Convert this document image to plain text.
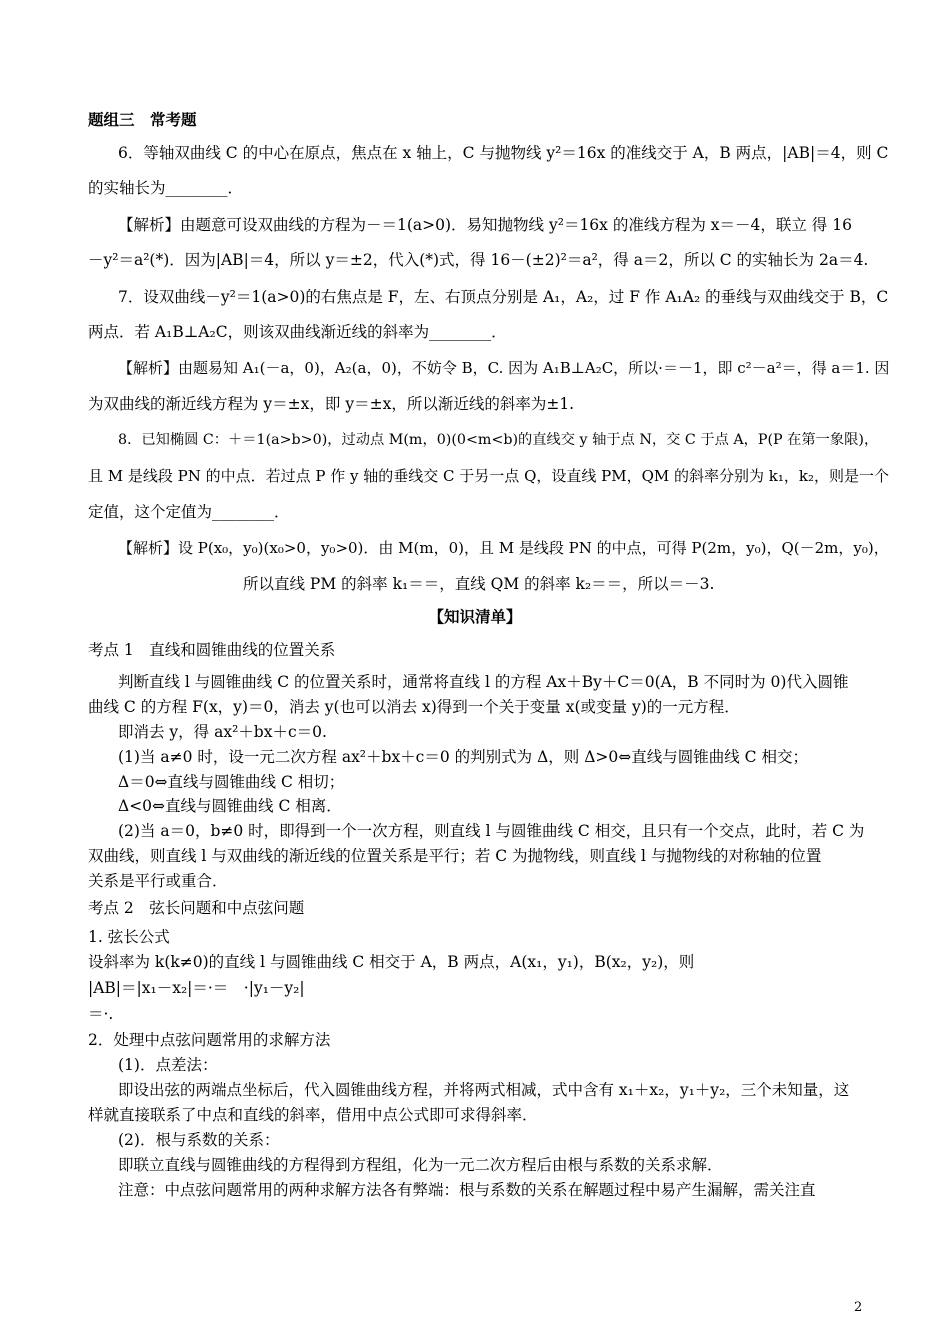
题组三　常考题
6．等轴双曲线 C 的中心在原点，焦点在 x 轴上，C 与抛物线 y²＝16x 的准线交于 A，B 两点，|AB|＝4，则 C
的实轴长为________．
【解析】由题意可设双曲线的方程为－＝1(a>0)．易知抛物线 y²＝16x 的准线方程为 x＝－4，联立 得 16
－y²＝a²(*)．因为|AB|＝4，所以 y＝±2，代入(*)式，得 16－(±2)²＝a²，得 a＝2，所以 C 的实轴长为 2a＝4.
7．设双曲线－y²＝1(a>0)的右焦点是 F，左、右顶点分别是 A₁，A₂，过 F 作 A₁A₂ 的垂线与双曲线交于 B，C
两点．若 A₁B⊥A₂C，则该双曲线渐近线的斜率为________．
【解析】由题易知 A₁(－a，0)，A₂(a，0)，不妨令 B，C. 因为 A₁B⊥A₂C，所以·＝－1，即 c²－a²＝，得 a＝1. 因
为双曲线的渐近线方程为 y＝±x，即 y＝±x，所以渐近线的斜率为±1.
8．已知椭圆 C：＋＝1(a>b>0)，过动点 M(m，0)(0<m<b)的直线交 y 轴于点 N，交 C 于点 A，P(P 在第一象限)，
且 M 是线段 PN 的中点．若过点 P 作 y 轴的垂线交 C 于另一点 Q，设直线 PM，QM 的斜率分别为 k₁，k₂，则是一个
定值，这个定值为________．
【解析】设 P(x₀，y₀)(x₀>0，y₀>0)．由 M(m，0)，且 M 是线段 PN 的中点，可得 P(2m，y₀)，Q(－2m，y₀)，
所以直线 PM 的斜率 k₁＝＝，直线 QM 的斜率 k₂＝＝，所以＝－3.
【知识清单】
考点 1　直线和圆锥曲线的位置关系
判断直线 l 与圆锥曲线 C 的位置关系时，通常将直线 l 的方程 Ax＋By＋C＝0(A，B 不同时为 0)代入圆锥
曲线 C 的方程 F(x，y)＝0，消去 y(也可以消去 x)得到一个关于变量 x(或变量 y)的一元方程．
即消去 y，得 ax²＋bx＋c＝0.
(1)当 a≠0 时，设一元二次方程 ax²＋bx＋c＝0 的判别式为 Δ，则 Δ>0⇔直线与圆锥曲线 C 相交；
Δ＝0⇔直线与圆锥曲线 C 相切；
Δ<0⇔直线与圆锥曲线 C 相离．
(2)当 a＝0，b≠0 时，即得到一个一次方程，则直线 l 与圆锥曲线 C 相交，且只有一个交点，此时，若 C 为
双曲线，则直线 l 与双曲线的渐近线的位置关系是平行；若 C 为抛物线，则直线 l 与抛物线的对称轴的位置
关系是平行或重合．
考点 2　弦长问题和中点弦问题
1. 弦长公式
设斜率为 k(k≠0)的直线 l 与圆锥曲线 C 相交于 A，B 两点，A(x₁，y₁)，B(x₂，y₂)，则
|AB|＝|x₁－x₂|＝·＝　·|y₁－y₂|
＝·.
2．处理中点弦问题常用的求解方法
(1)．点差法：
即设出弦的两端点坐标后，代入圆锥曲线方程，并将两式相减，式中含有 x₁＋x₂，y₁＋y₂，三个未知量，这
样就直接联系了中点和直线的斜率，借用中点公式即可求得斜率．
(2)．根与系数的关系：
即联立直线与圆锥曲线的方程得到方程组，化为一元二次方程后由根与系数的关系求解．
注意：中点弦问题常用的两种求解方法各有弊端：根与系数的关系在解题过程中易产生漏解，需关注直
2
